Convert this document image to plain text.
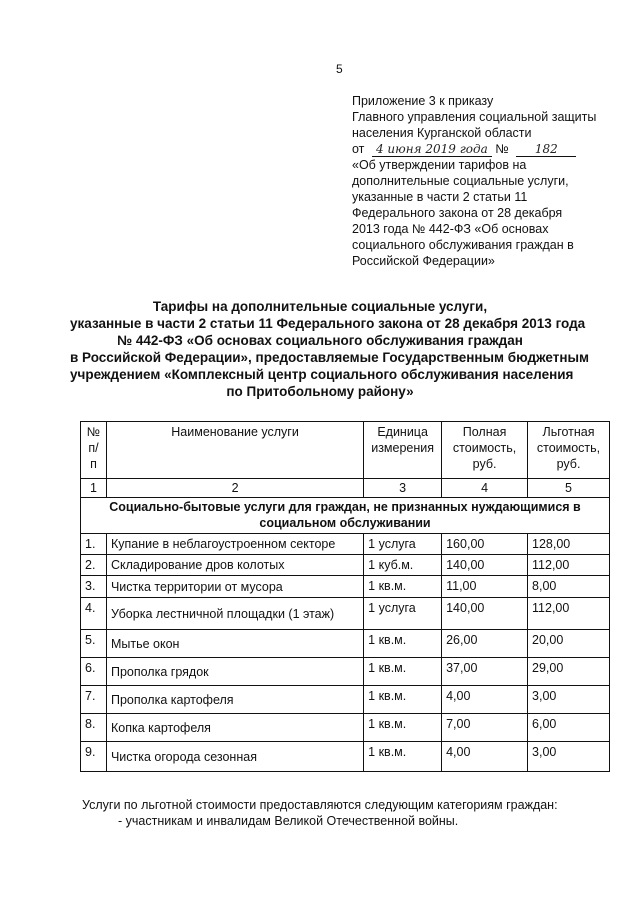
5
Приложение 3 к приказу
Главного управления социальной защиты
населения Курганской области
от 4 июня 2019 года № 182
«Об утверждении тарифов на
дополнительные социальные услуги,
указанные в части 2 статьи 11
Федерального закона от 28 декабря
2013 года № 442-ФЗ «Об основах
социального обслуживания граждан в
Российской Федерации»
Тарифы на дополнительные социальные услуги,
указанные в части 2 статьи 11 Федерального закона от 28 декабря 2013 года
№ 442-ФЗ «Об основах социального обслуживания граждан
в Российской Федерации», предоставляемые Государственным бюджетным
учреждением «Комплексный центр социального обслуживания населения
по Притобольному району»
№ п/п	Наименование услуги	Единица измерения	Полная стоимость, руб.	Льготная стоимость, руб.
1	2	3	4	5
Социально-бытовые услуги для граждан, не признанных нуждающимися в социальном обслуживании				
1.	Купание в неблагоустроенном секторе	1 услуга	160,00	128,00
2.	Складирование дров колотых	1 куб.м.	140,00	112,00
3.	Чистка территории от мусора	1 кв.м.	11,00	8,00
4.	Уборка лестничной площадки (1 этаж)	1 услуга	140,00	112,00
5.	Мытье окон	1 кв.м.	26,00	20,00
6.	Прополка грядок	1 кв.м.	37,00	29,00
7.	Прополка картофеля	1 кв.м.	4,00	3,00
8.	Копка картофеля	1 кв.м.	7,00	6,00
9.	Чистка огорода сезонная	1 кв.м.	4,00	3,00
Услуги по льготной стоимости предоставляются следующим категориям граждан:
- участникам и инвалидам Великой Отечественной войны.
